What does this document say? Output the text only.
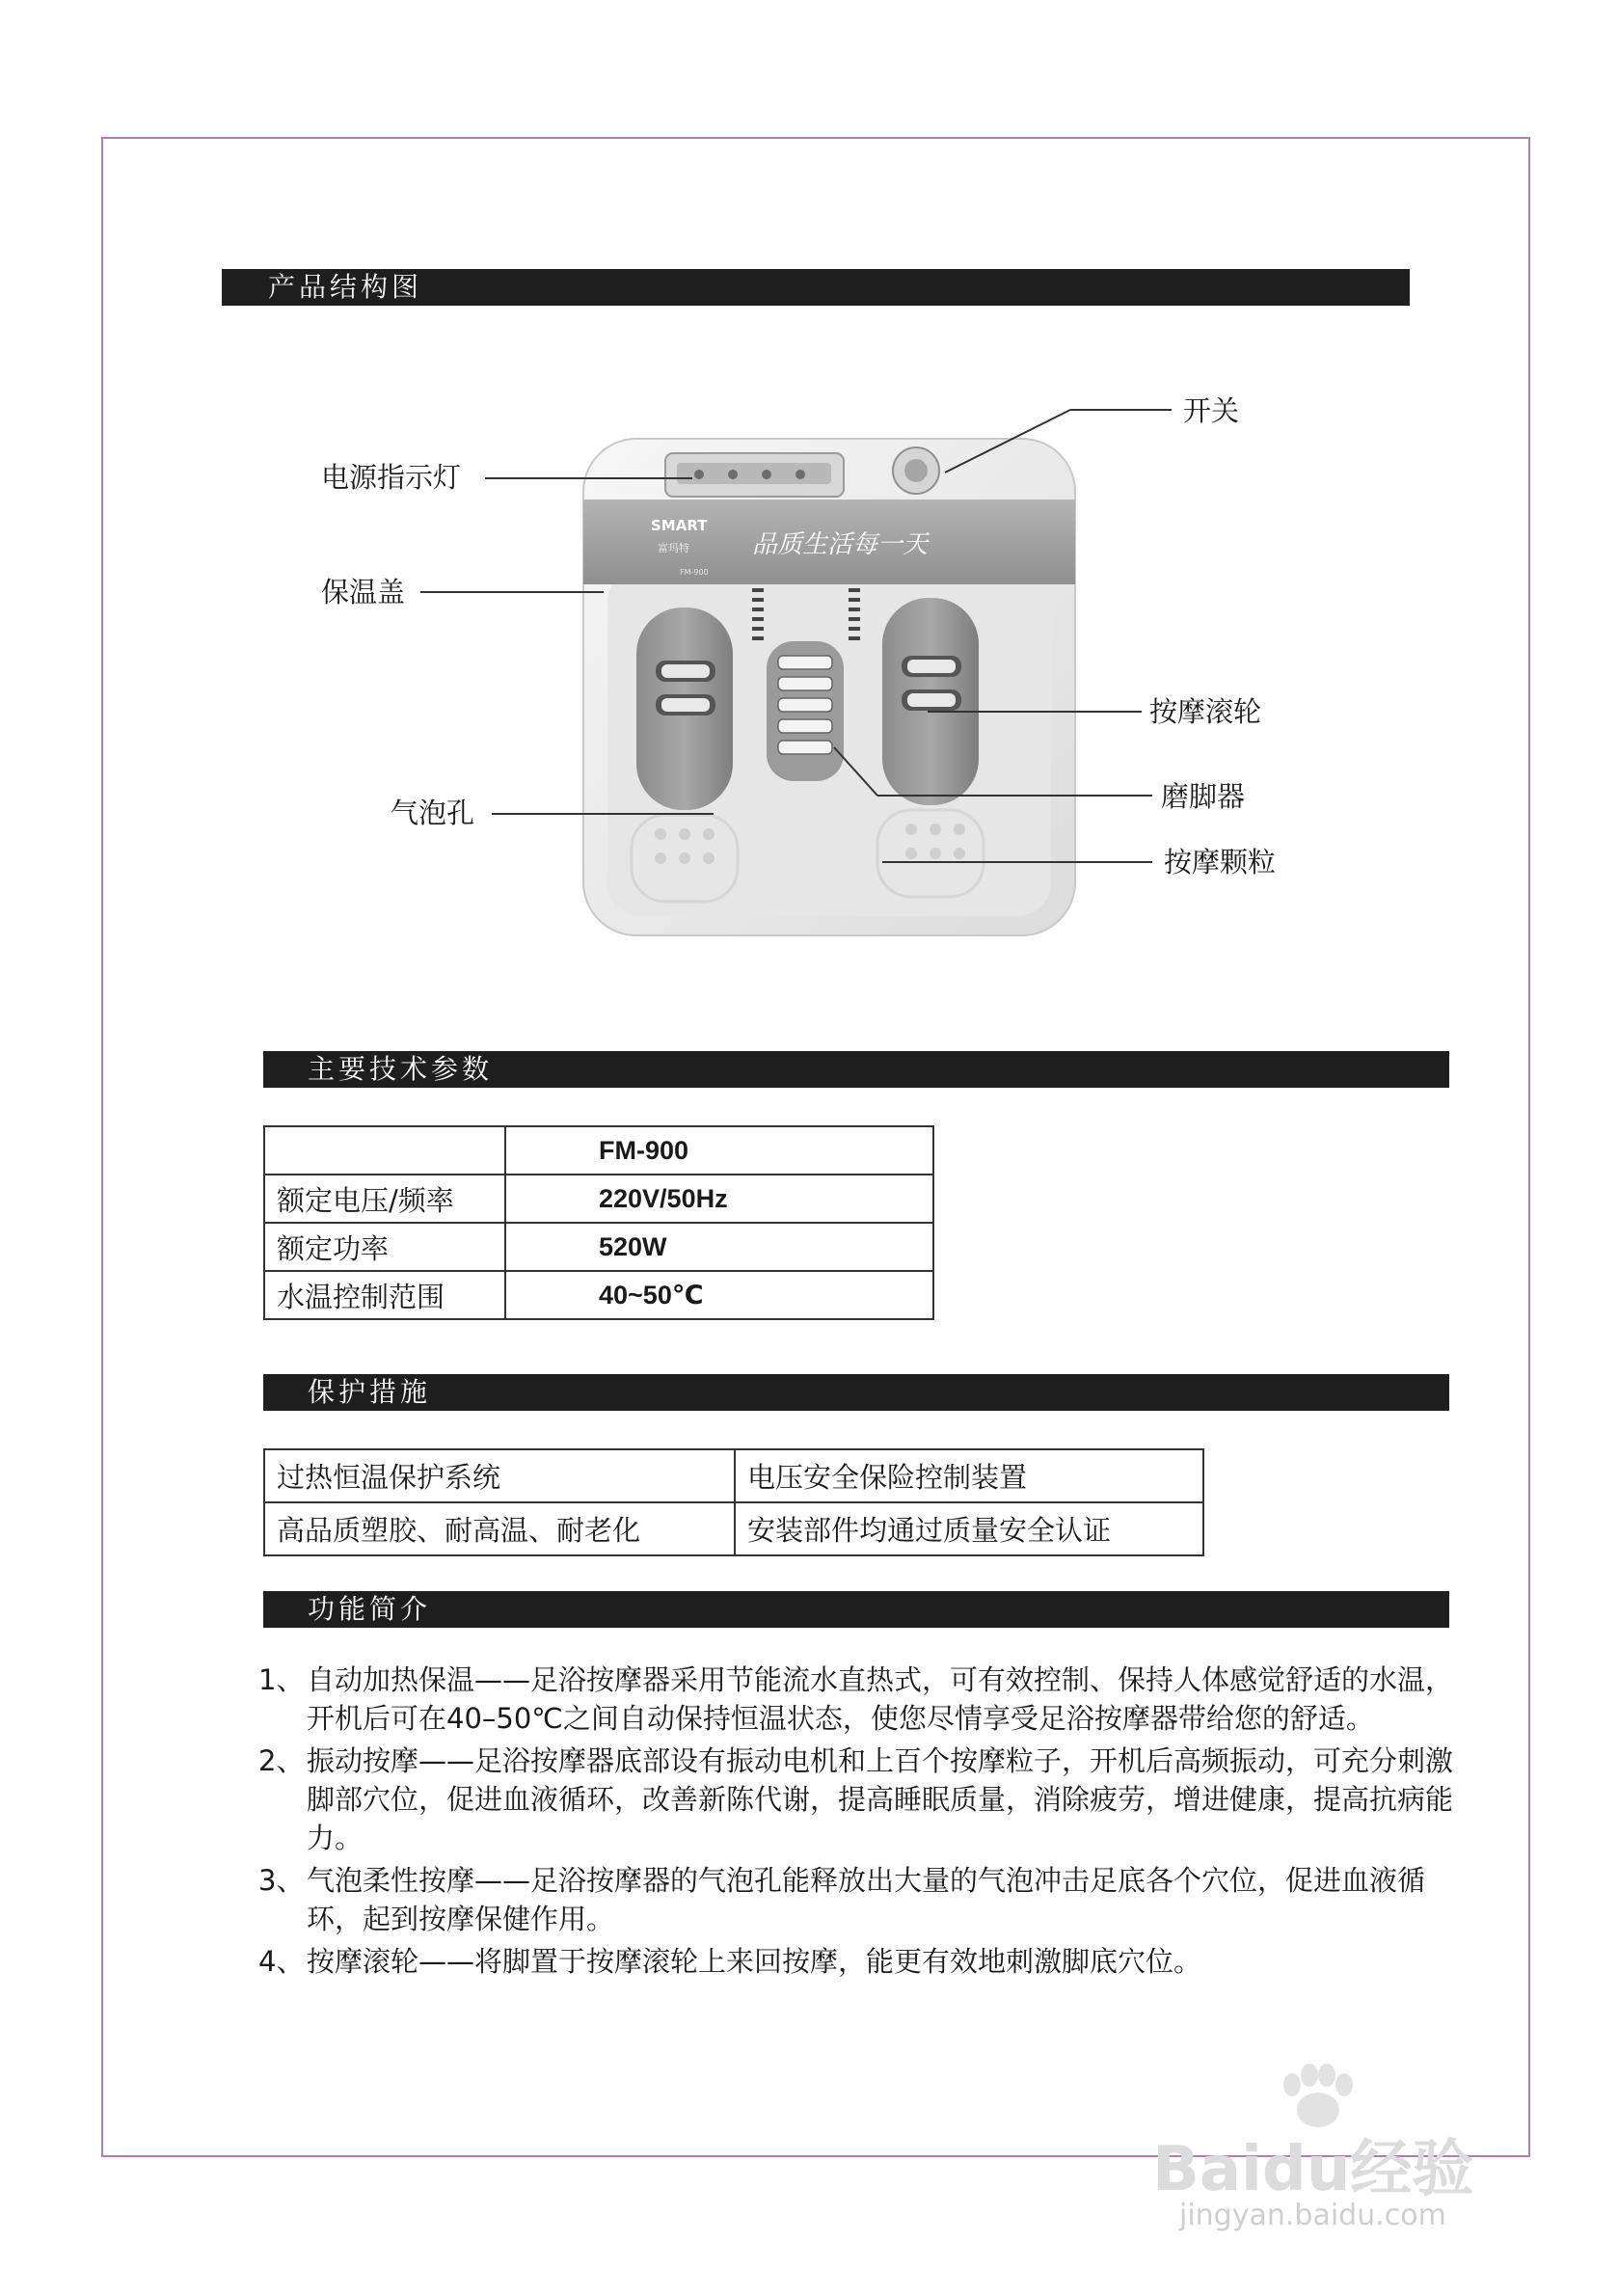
产品结构图
SMART
富玛特
FM-900
品质生活每一天
电源指示灯
开关
保温盖
按摩滚轮
磨脚器
气泡孔
按摩颗粒
主要技术参数
	FM-900
额定电压/频率	220V/50Hz
额定功率	520W
水温控制范围	40~50℃
保护措施
过热恒温保护系统	电压安全保险控制装置
高品质塑胶、耐高温、耐老化	安装部件均通过质量安全认证
功能简介
1、 自动加热保温——足浴按摩器采用节能流水直热式，可有效控制、保持人体感觉舒适的水温，开机后可在40–50℃之间自动保持恒温状态，使您尽情享受足浴按摩器带给您的舒适。
2、 振动按摩——足浴按摩器底部设有振动电机和上百个按摩粒子，开机后高频振动，可充分刺激脚部穴位，促进血液循环，改善新陈代谢，提高睡眠质量，消除疲劳，增进健康，提高抗病能力。
3、 气泡柔性按摩——足浴按摩器的气泡孔能释放出大量的气泡冲击足底各个穴位，促进血液循环，起到按摩保健作用。
4、 按摩滚轮——将脚置于按摩滚轮上来回按摩，能更有效地刺激脚底穴位。
Baidu经验
jingyan.baidu.com
